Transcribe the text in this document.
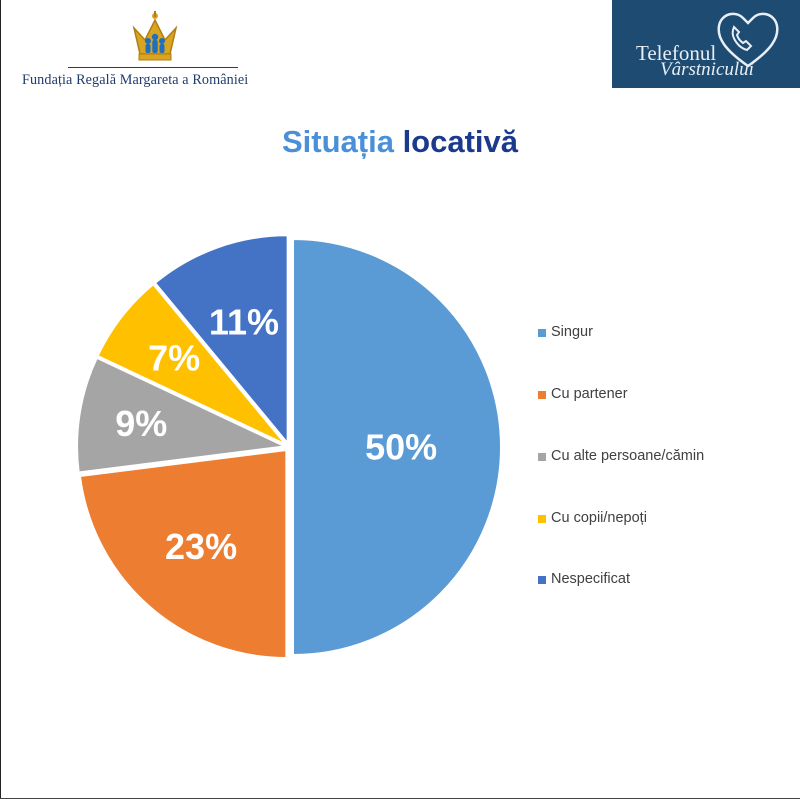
Fundația Regală Margareta a României
Telefonul
Vârstnicului
Situația locativă
50%
23%
9%
7%
11%	Singur
Cu partener
Cu alte persoane/cămin
Cu copii/nepoți
Nespecificat
